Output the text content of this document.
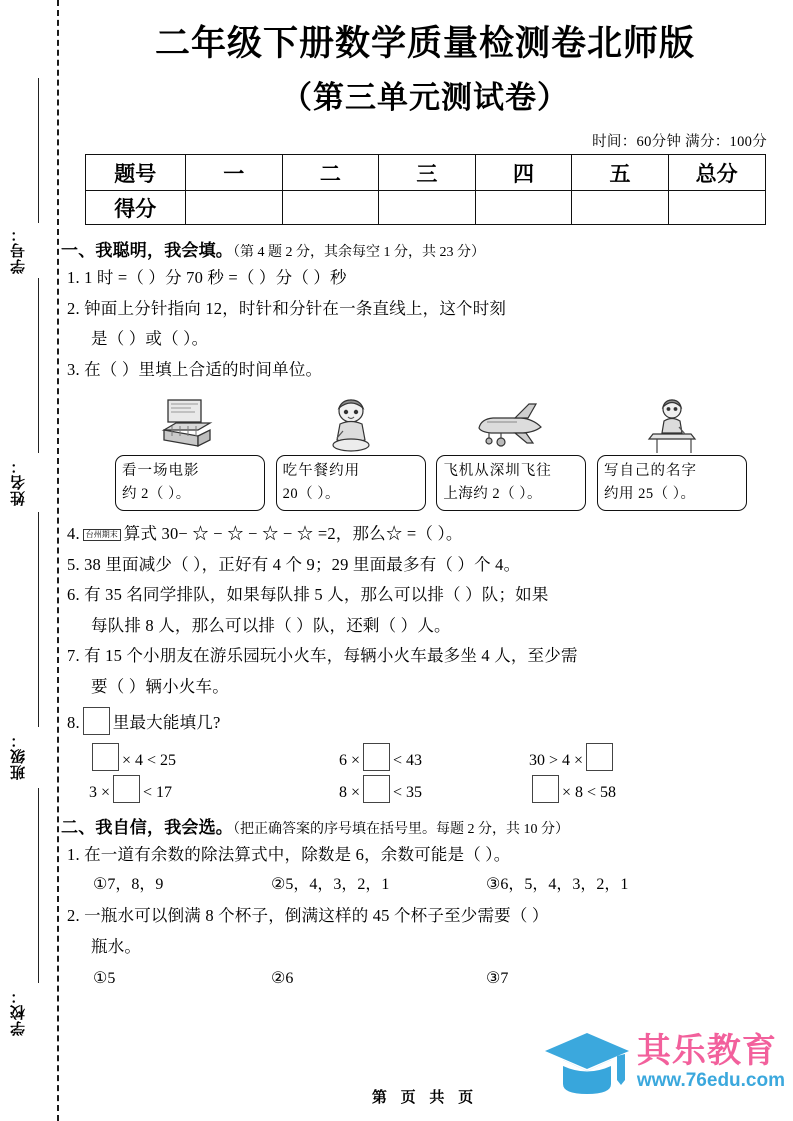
学号：
姓名：
班级：
学校：
二年级下册数学质量检测卷北师版
（第三单元测试卷）
时间：60分钟 满分：100分
题号	一	二	三	四	五	总分
得分						
一、我聪明，我会填。（第 4 题 2 分，其余每空 1 分，共 23 分）
1. 1 时 =（ ）分 70 秒 =（ ）分（ ）秒
2. 钟面上分针指向 12，时针和分针在一条直线上，这个时刻
是（ ）或（ ）。
3. 在（ ）里填上合适的时间单位。
看一场电影
约 2（ ）。
吃午餐约用
20（ ）。
飞机从深圳飞往
上海约 2（ ）。
写自己的名字
约用 25（ ）。
4. 台州期末 算式 30− ☆ − ☆ − ☆ − ☆ =2，那么☆ =（ ）。
5. 38 里面减少（ ），正好有 4 个 9；29 里面最多有（ ）个 4。
6. 有 35 名同学排队，如果每队排 5 人，那么可以排（ ）队；如果
每队排 8 人，那么可以排（ ）队，还剩（ ）人。
7. 有 15 个小朋友在游乐园玩小火车，每辆小火车最多坐 4 人，至少需
要（ ）辆小火车。
8. 里最大能填几?
× 4 < 25	6 × < 43	30 > 4 ×
3 × < 17	8 × < 35	× 8 < 58
二、我自信，我会选。（把正确答案的序号填在括号里。每题 2 分，共 10 分）
1. 在一道有余数的除法算式中，除数是 6，余数可能是（ ）。
①7，8，9	②5，4，3，2，1	③6，5，4，3，2，1
2. 一瓶水可以倒满 8 个杯子，倒满这样的 45 个杯子至少需要（ ）
瓶水。
①5	②6	③7
第 页 共 页
其乐教育
www.76edu.com
